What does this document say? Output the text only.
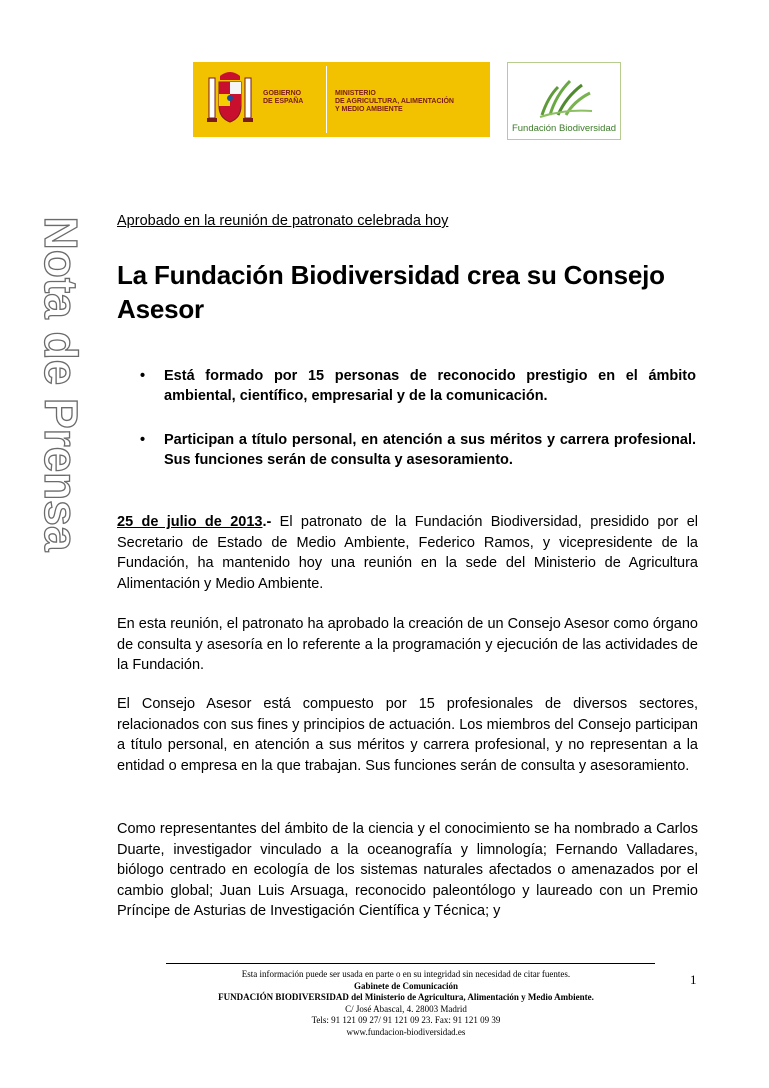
GOBIERNO
DE ESPAÑA
MINISTERIO
DE AGRICULTURA, ALIMENTACIÓN
Y MEDIO AMBIENTE
Fundación Biodiversidad
Nota de Prensa Aprobado en la reunión de patronato celebrada hoy
La Fundación Biodiversidad crea su Consejo Asesor
• Está formado por 15 personas de reconocido prestigio en el ámbito ambiental, científico, empresarial y de la comunicación.
• Participan a título personal, en atención a sus méritos y carrera profesional. Sus funciones serán de consulta y asesoramiento.
25 de julio de 2013.- El patronato de la Fundación Biodiversidad, presidido por el Secretario de Estado de Medio Ambiente, Federico Ramos, y vicepresidente de la Fundación, ha mantenido hoy una reunión en la sede del Ministerio de Agricultura Alimentación y Medio Ambiente.
En esta reunión, el patronato ha aprobado la creación de un Consejo Asesor como órgano de consulta y asesoría en lo referente a la programación y ejecución de las actividades de la Fundación.
El Consejo Asesor está compuesto por 15 profesionales de diversos sectores, relacionados con sus fines y principios de actuación. Los miembros del Consejo participan a título personal, en atención a sus méritos y carrera profesional, y no representan a la entidad o empresa en la que trabajan. Sus funciones serán de consulta y asesoramiento.
Como representantes del ámbito de la ciencia y el conocimiento se ha nombrado a Carlos Duarte, investigador vinculado a la oceanografía y limnología; Fernando Valladares, biólogo centrado en ecología de los sistemas naturales afectados o amenazados por el cambio global; Juan Luis Arsuaga, reconocido paleontólogo y laureado con un Premio Príncipe de Asturias de Investigación Científica y Técnica; y
Esta información puede ser usada en parte o en su integridad sin necesidad de citar fuentes.
Gabinete de Comunicación
FUNDACIÓN BIODIVERSIDAD del Ministerio de Agricultura, Alimentación y Medio Ambiente.
C/ José Abascal, 4. 28003 Madrid
Tels: 91 121 09 27/ 91 121 09 23. Fax: 91 121 09 39
www.fundacion-biodiversidad.es
1
